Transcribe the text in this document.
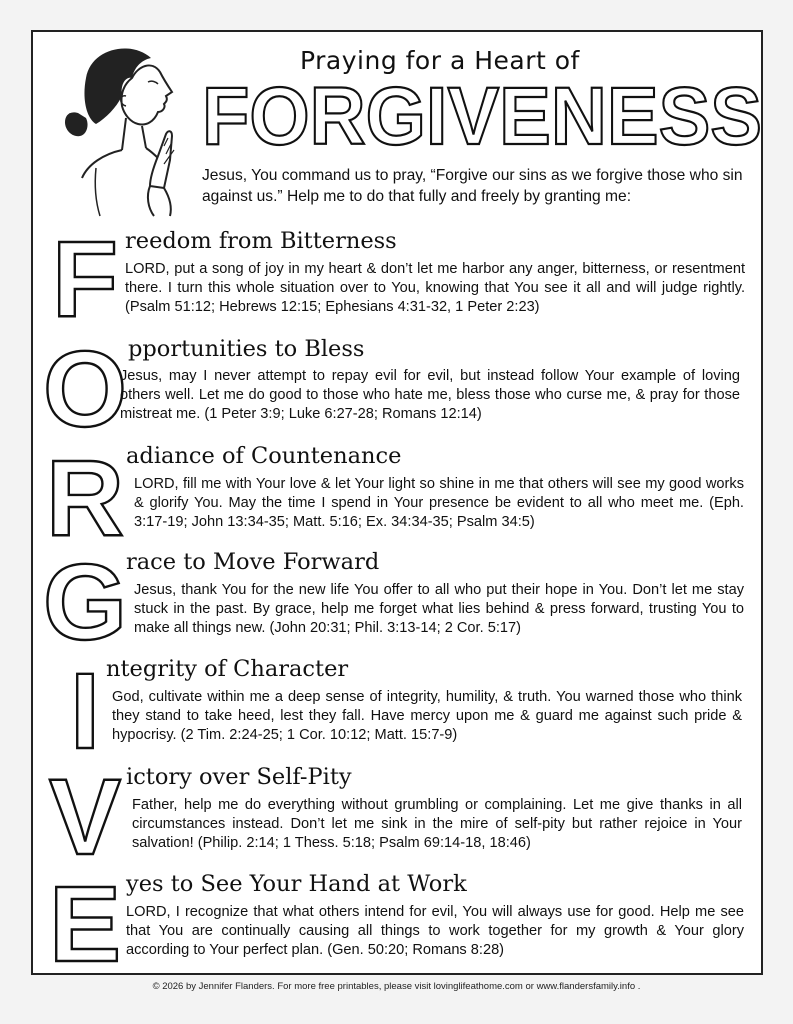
Praying for a Heart of
FORGIVENESS
Jesus, You command us to pray, “Forgive our sins as we forgive those who sin against us.” Help me to do that fully and freely by granting me:
F reedom from Bitterness
LORD, put a song of joy in my heart & don’t let me harbor any anger, bitterness, or resentment there. I turn this whole situation over to You, knowing that You see it all and will judge rightly. (Psalm 51:12; Hebrews 12:15; Ephesians 4:31-32, 1 Peter 2:23)
O pportunities to Bless
Jesus, may I never attempt to repay evil for evil, but instead follow Your example of loving others well. Let me do good to those who hate me, bless those who curse me, & pray for those mistreat me. (1 Peter 3:9; Luke 6:27-28; Romans 12:14)
R adiance of Countenance
LORD, fill me with Your love & let Your light so shine in me that others will see my good works & glorify You. May the time I spend in Your presence be evident to all who meet me. (Eph. 3:17-19; John 13:34-35; Matt. 5:16; Ex. 34:34-35; Psalm 34:5)
G
race to Move Forward
Jesus, thank You for the new life You offer to all who put their hope in You. Don’t let me stay stuck in the past. By grace, help me forget what lies behind & press forward, trusting You to make all things new. (John 20:31; Phil. 3:13-14; 2 Cor. 5:17)
I ntegrity of Character
God, cultivate within me a deep sense of integrity, humility, & truth. You warned those who think they stand to take heed, lest they fall. Have mercy upon me & guard me against such pride & hypocrisy. (2 Tim. 2:24-25; 1 Cor. 10:12; Matt. 15:7-9)
V ictory over Self-Pity
Father, help me do everything without grumbling or complaining. Let me give thanks in all circumstances instead. Don’t let me sink in the mire of self-pity but rather rejoice in Your salvation! (Philip. 2:14; 1 Thess. 5:18; Psalm 69:14-18, 18:46)
E yes to See Your Hand at Work
LORD, I recognize that what others intend for evil, You will always use for good. Help me see that You are continually causing all things to work together for my growth & Your glory according to Your perfect plan. (Gen. 50:20; Romans 8:28)
© 2026 by Jennifer Flanders. For more free printables, please visit lovinglifeathome.com or www.flandersfamily.info .
